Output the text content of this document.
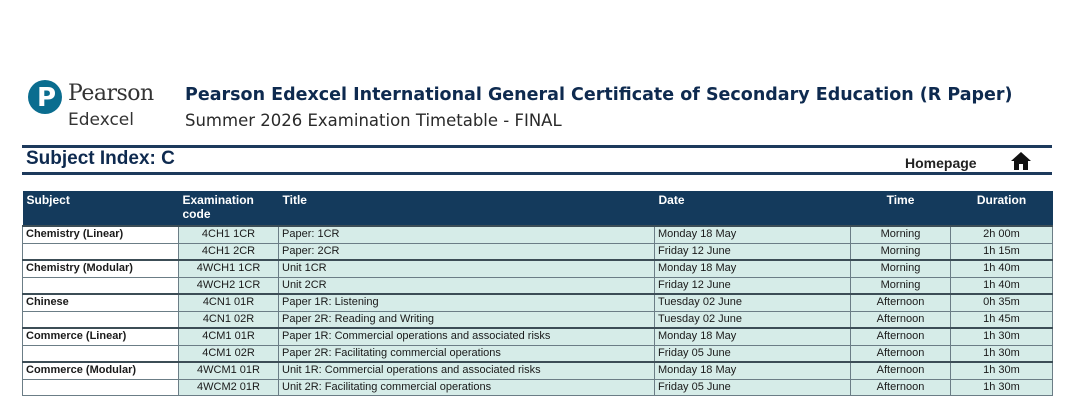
P Pearson
Edexcel
Pearson Edexcel International General Certificate of Secondary Education (R Paper)
Summer 2026 Examination Timetable - FINAL
Subject Index: C	Homepage
Subject	Examination code	Title	Date	Time	Duration
Chemistry (Linear)	4CH1 1CR	Paper: 1CR	Monday 18 May	Morning	2h 00m
	4CH1 2CR	Paper: 2CR	Friday 12 June	Morning	1h 15m
Chemistry (Modular)	4WCH1 1CR	Unit 1CR	Monday 18 May	Morning	1h 40m
	4WCH2 1CR	Unit 2CR	Friday 12 June	Morning	1h 40m
Chinese	4CN1 01R	Paper 1R: Listening	Tuesday 02 June	Afternoon	0h 35m
	4CN1 02R	Paper 2R: Reading and Writing	Tuesday 02 June	Afternoon	1h 45m
Commerce (Linear)	4CM1 01R	Paper 1R: Commercial operations and associated risks	Monday 18 May	Afternoon	1h 30m
	4CM1 02R	Paper 2R: Facilitating commercial operations	Friday 05 June	Afternoon	1h 30m
Commerce (Modular)	4WCM1 01R	Unit 1R: Commercial operations and associated risks	Monday 18 May	Afternoon	1h 30m
	4WCM2 01R	Unit 2R: Facilitating commercial operations	Friday 05 June	Afternoon	1h 30m
